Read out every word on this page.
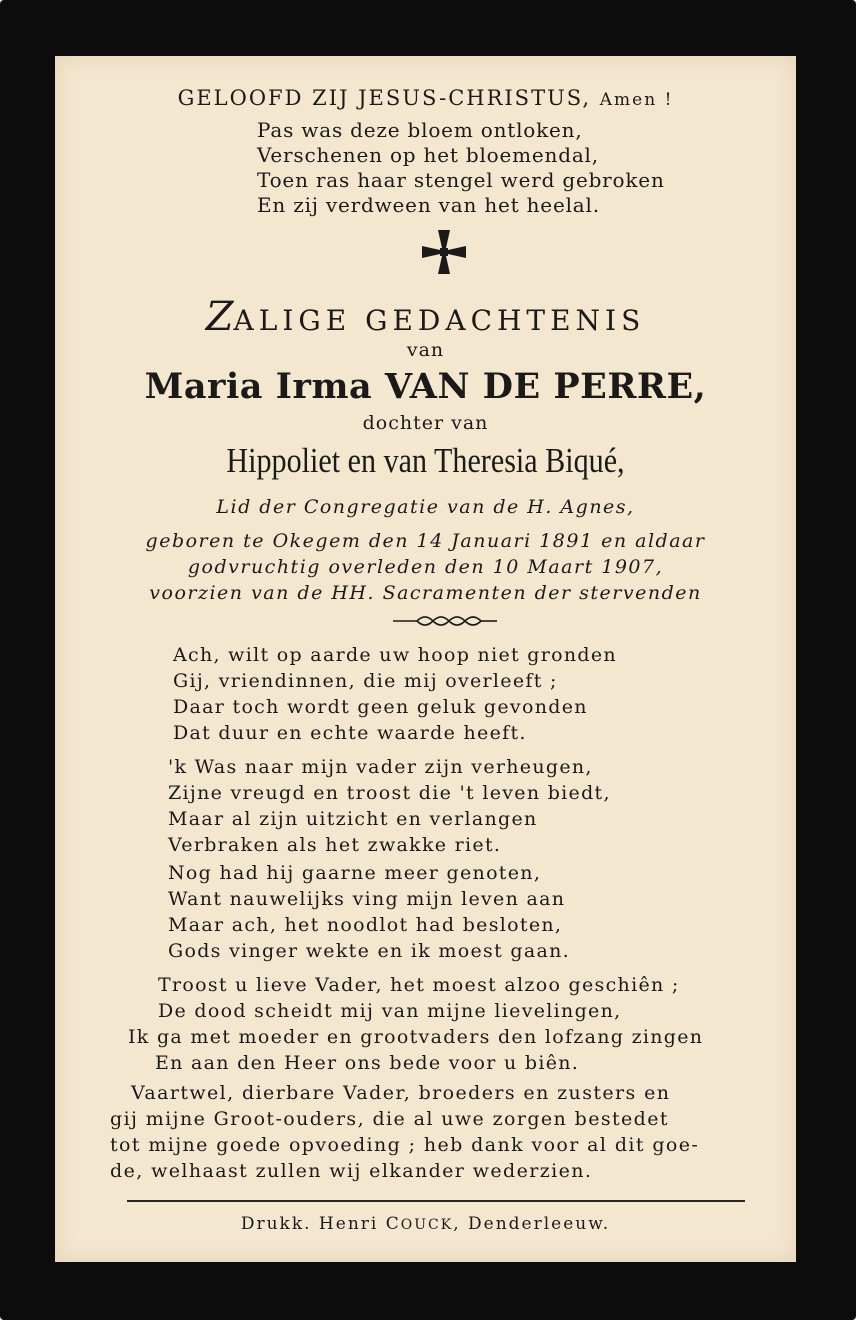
GELOOFD ZIJ JESUS-CHRISTUS, Amen !
Pas was deze bloem ontloken,
Verschenen op het bloemendal,
Toen ras haar stengel werd gebroken
En zij verdween van het heelal.
ZALIGE GEDACHTENIS
van
Maria Irma VAN DE PERRE,
dochter van
Hippoliet en van Theresia Biqué,
Lid der Congregatie van de H. Agnes,
geboren te Okegem den 14 Januari 1891 en aldaar
godvruchtig overleden den 10 Maart 1907,
voorzien van de HH. Sacramenten der stervenden
Ach, wilt op aarde uw hoop niet gronden
Gij, vriendinnen, die mij overleeft ;
Daar toch wordt geen geluk gevonden
Dat duur en echte waarde heeft.
'k Was naar mijn vader zijn verheugen,
Zijne vreugd en troost die 't leven biedt,
Maar al zijn uitzicht en verlangen
Verbraken als het zwakke riet.
Nog had hij gaarne meer genoten,
Want nauwelijks ving mijn leven aan
Maar ach, het noodlot had besloten,
Gods vinger wekte en ik moest gaan.
Troost u lieve Vader, het moest alzoo geschiên ;
De dood scheidt mij van mijne lievelingen,
Ik ga met moeder en grootvaders den lofzang zingen
En aan den Heer ons bede voor u biên.
Vaartwel, dierbare Vader, broeders en zusters en
gij mijne Groot-ouders, die al uwe zorgen bestedet
tot mijne goede opvoeding ; heb dank voor al dit goe-
de, welhaast zullen wij elkander wederzien.
Drukk. Henri COUCK, Denderleeuw.
